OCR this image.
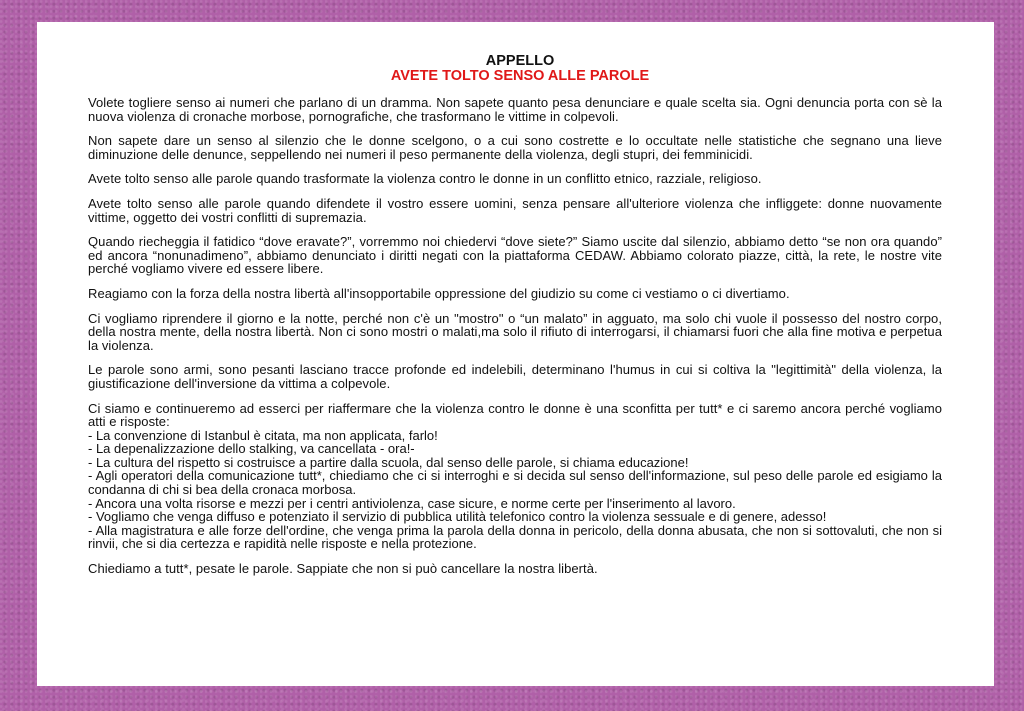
APPELLO
AVETE TOLTO SENSO ALLE PAROLE

Volete togliere senso ai numeri che parlano di un dramma. Non sapete quanto pesa denunciare e quale scelta sia. Ogni denuncia porta con sè la nuova violenza di cronache morbose, pornografiche, che trasformano le vittime in colpevoli.

Non sapete dare un senso al silenzio che le donne scelgono, o a cui sono costrette e lo occultate nelle statistiche che segnano una lieve diminuzione delle denunce, seppellendo nei numeri il peso permanente della violenza, degli stupri, dei femminicidi.

Avete tolto senso alle parole quando trasformate la violenza contro le donne in un conflitto etnico, razziale, religioso.

Avete tolto senso alle parole quando difendete il vostro essere uomini, senza pensare all'ulteriore violenza che infliggete: donne nuovamente vittime, oggetto dei vostri conflitti di supremazia.

Quando riecheggia il fatidico “dove eravate?”, vorremmo noi chiedervi “dove siete?” Siamo uscite dal silenzio, abbiamo detto “se non ora quando” ed ancora “nonunadimeno”, abbiamo denunciato i diritti negati con la piattaforma CEDAW. Abbiamo colorato piazze, città, la rete, le nostre vite perché vogliamo vivere ed essere libere.

Reagiamo con la forza della nostra libertà all'insopportabile oppressione del giudizio su come ci vestiamo o ci divertiamo.

Ci vogliamo riprendere il giorno e la notte, perché non c'è un "mostro" o “un malato” in agguato, ma solo chi vuole il possesso del nostro corpo, della nostra mente, della nostra libertà. Non ci sono mostri o malati,ma solo il rifiuto di interrogarsi, il chiamarsi fuori che alla fine motiva e perpetua la violenza.

Le parole sono armi, sono pesanti lasciano tracce profonde ed indelebili, determinano l'humus in cui si coltiva la "legittimità" della violenza, la giustificazione dell'inversione da vittima a colpevole.

Ci siamo e continueremo ad esserci per riaffermare che la violenza contro le donne è una sconfitta per tutt* e ci saremo ancora perché vogliamo atti e risposte:

- La convenzione di Istanbul è citata, ma non applicata, farlo!
- La depenalizzazione dello stalking, va cancellata - ora!-
- La cultura del rispetto si costruisce a partire dalla scuola, dal senso delle parole, si chiama educazione!
- Agli operatori della comunicazione tutt*, chiediamo che ci si interroghi e si decida sul senso dell'informazione, sul peso delle parole ed esigiamo la condanna di chi si bea della cronaca morbosa.
- Ancora una volta risorse e mezzi per i centri antiviolenza, case sicure, e norme certe per l'inserimento al lavoro.
- Vogliamo che venga diffuso e potenziato il servizio di pubblica utilità telefonico contro la violenza sessuale e di genere, adesso!
- Alla magistratura e alle forze dell'ordine, che venga prima la parola della donna in pericolo, della donna abusata, che non si sottovaluti, che non si rinvii, che si dia certezza e rapidità nelle risposte e nella protezione.

Chiediamo a tutt*, pesate le parole. Sappiate che non si può cancellare la nostra libertà.
